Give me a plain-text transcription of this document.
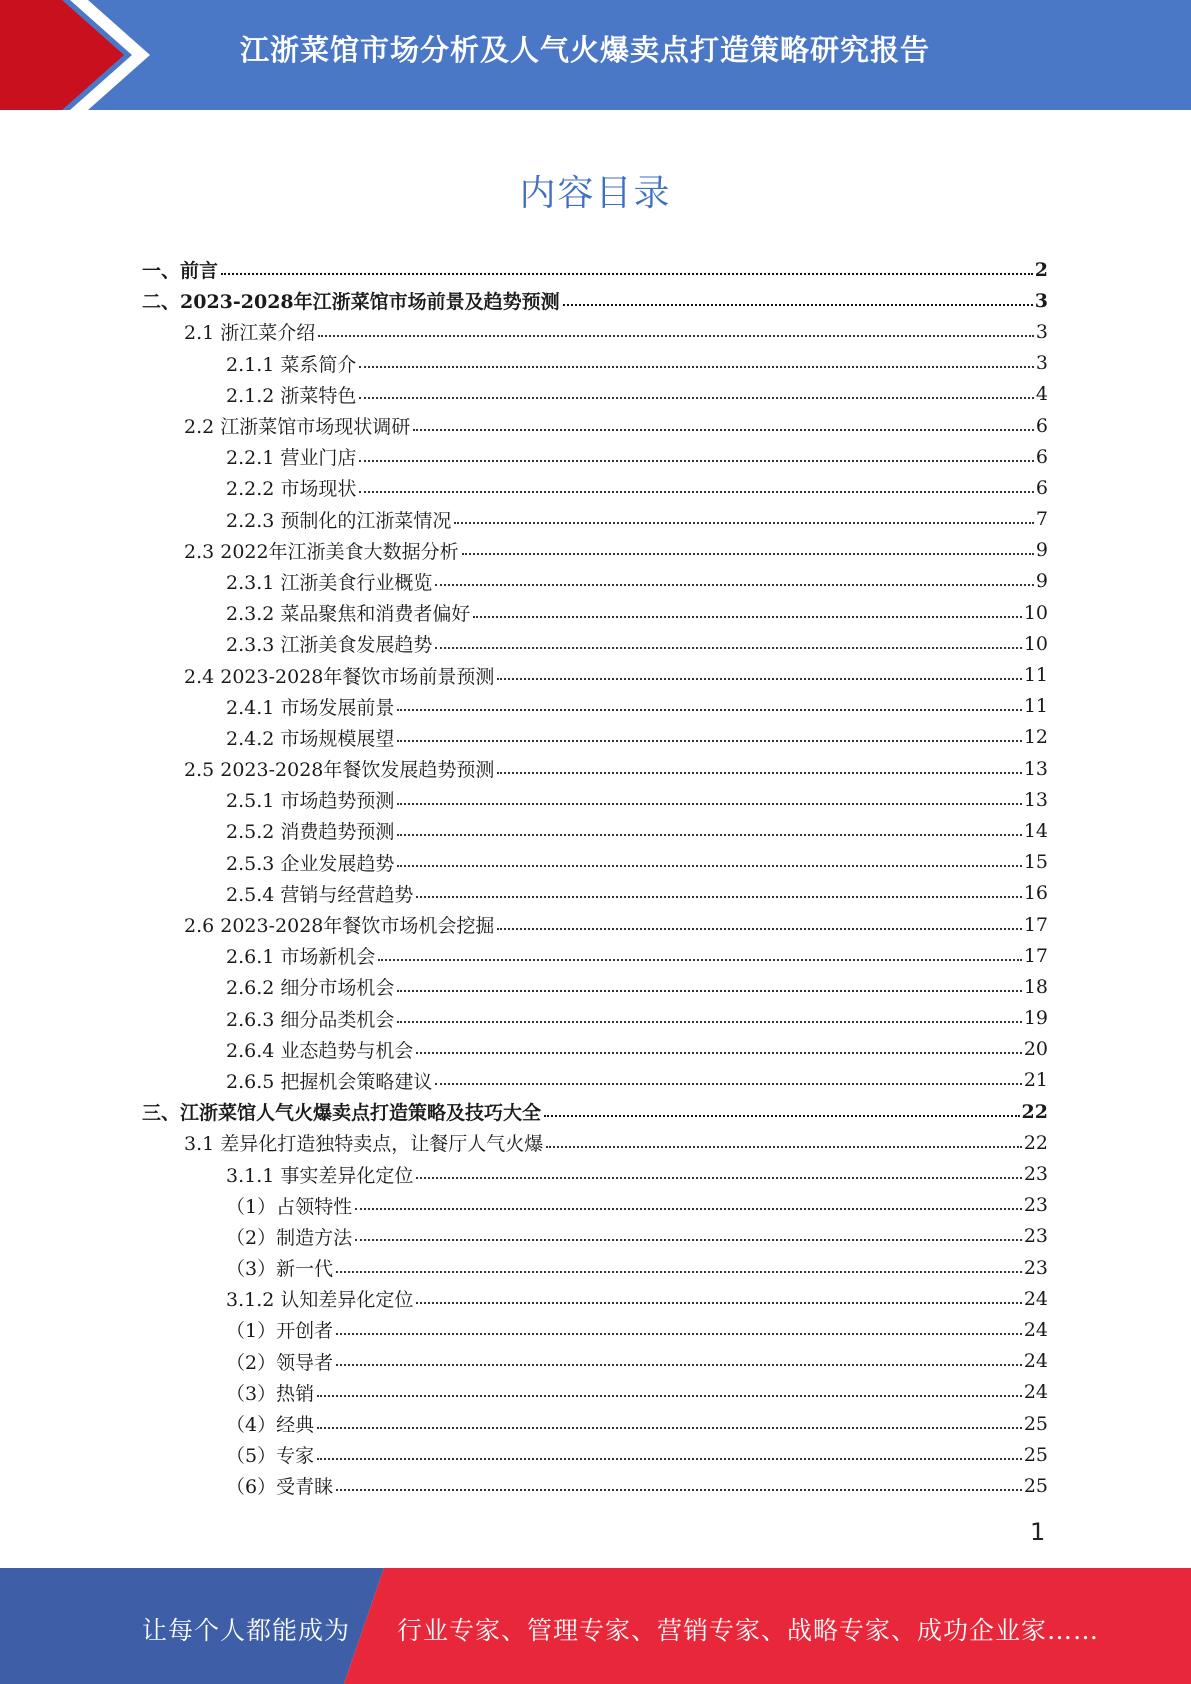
江浙菜馆市场分析及人气火爆卖点打造策略研究报告
内容目录
一、前言	2
二、2023-2028年江浙菜馆市场前景及趋势预测	3
2.1 浙江菜介绍	3
2.1.1 菜系简介	3
2.1.2 浙菜特色	4
2.2 江浙菜馆市场现状调研	6
2.2.1 营业门店	6
2.2.2 市场现状	6
2.2.3 预制化的江浙菜情况	7
2.3 2022年江浙美食大数据分析	9
2.3.1 江浙美食行业概览	9
2.3.2 菜品聚焦和消费者偏好	10
2.3.3 江浙美食发展趋势	10
2.4 2023-2028年餐饮市场前景预测	11
2.4.1 市场发展前景	11
2.4.2 市场规模展望	12
2.5 2023-2028年餐饮发展趋势预测	13
2.5.1 市场趋势预测	13
2.5.2 消费趋势预测	14
2.5.3 企业发展趋势	15
2.5.4 营销与经营趋势	16
2.6 2023-2028年餐饮市场机会挖掘	17
2.6.1 市场新机会	17
2.6.2 细分市场机会	18
2.6.3 细分品类机会	19
2.6.4 业态趋势与机会	20
2.6.5 把握机会策略建议	21
三、江浙菜馆人气火爆卖点打造策略及技巧大全	22
3.1 差异化打造独特卖点，让餐厅人气火爆	22
3.1.1 事实差异化定位	23
（1）占领特性	23
（2）制造方法	23
（3）新一代	23
3.1.2 认知差异化定位	24
（1）开创者	24
（2）领导者	24
（3）热销	24
（4）经典	25
（5）专家	25
（6）受青睐	25
1
让每个人都能成为 行业专家、管理专家、营销专家、战略专家、成功企业家……
